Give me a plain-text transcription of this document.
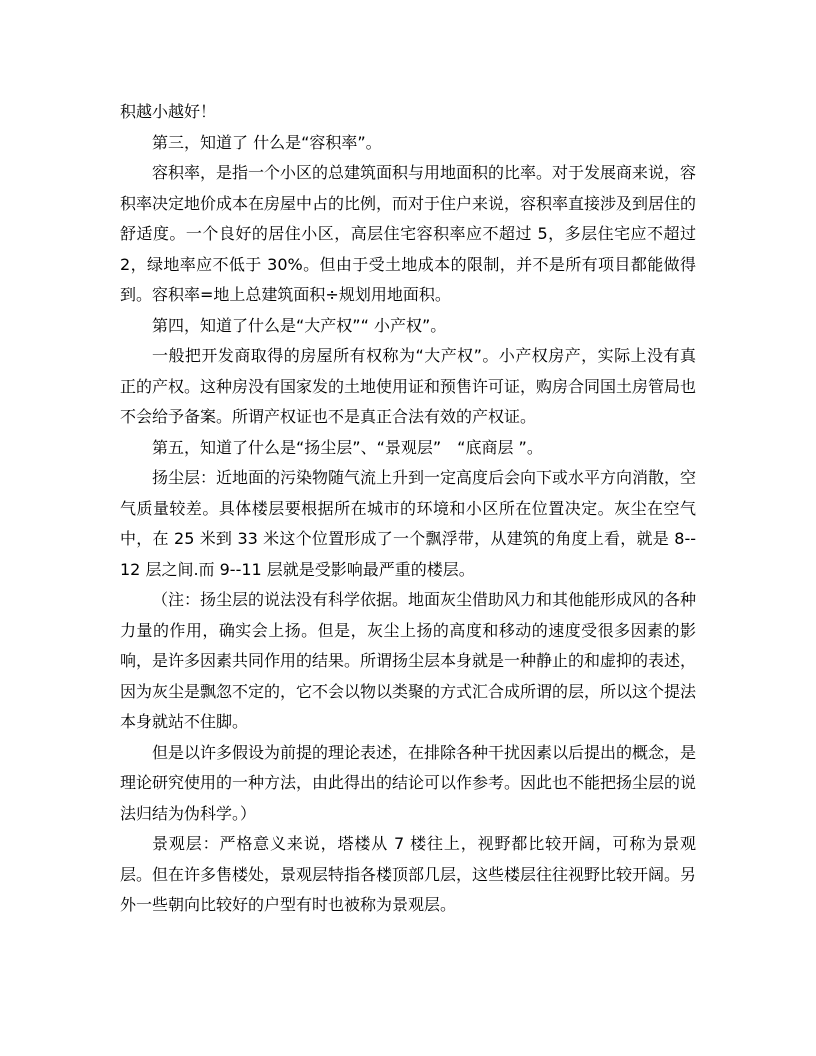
积越小越好！

第三，知道了 什么是“容积率”。

容积率，是指一个小区的总建筑面积与用地面积的比率。对于发展商来说，容积率决定地价成本在房屋中占的比例，而对于住户来说，容积率直接涉及到居住的舒适度。一个良好的居住小区，高层住宅容积率应不超过 5，多层住宅应不超过 2，绿地率应不低于 30%。但由于受土地成本的限制，并不是所有项目都能做得到。容积率=地上总建筑面积÷规划用地面积。

第四，知道了什么是“大产权”“ 小产权”。

一般把开发商取得的房屋所有权称为“大产权”。小产权房产，实际上没有真正的产权。这种房没有国家发的土地使用证和预售许可证，购房合同国土房管局也不会给予备案。所谓产权证也不是真正合法有效的产权证。

第五，知道了什么是“扬尘层”、“景观层”　“底商层 ”。

扬尘层：近地面的污染物随气流上升到一定高度后会向下或水平方向消散，空气质量较差。具体楼层要根据所在城市的环境和小区所在位置决定。灰尘在空气中，在 25 米到 33 米这个位置形成了一个飘浮带，从建筑的角度上看，就是 8--12 层之间.而 9--11 层就是受影响最严重的楼层。

（注：扬尘层的说法没有科学依据。地面灰尘借助风力和其他能形成风的各种力量的作用，确实会上扬。但是，灰尘上扬的高度和移动的速度受很多因素的影响，是许多因素共同作用的结果。所谓扬尘层本身就是一种静止的和虚抑的表述，因为灰尘是飘忽不定的，它不会以物以类聚的方式汇合成所谓的层，所以这个提法本身就站不住脚。

但是以许多假设为前提的理论表述，在排除各种干扰因素以后提出的概念，是理论研究使用的一种方法，由此得出的结论可以作参考。因此也不能把扬尘层的说法归结为伪科学。）

景观层：严格意义来说，塔楼从 7 楼往上，视野都比较开阔，可称为景观层。但在许多售楼处，景观层特指各楼顶部几层，这些楼层往往视野比较开阔。另外一些朝向比较好的户型有时也被称为景观层。
